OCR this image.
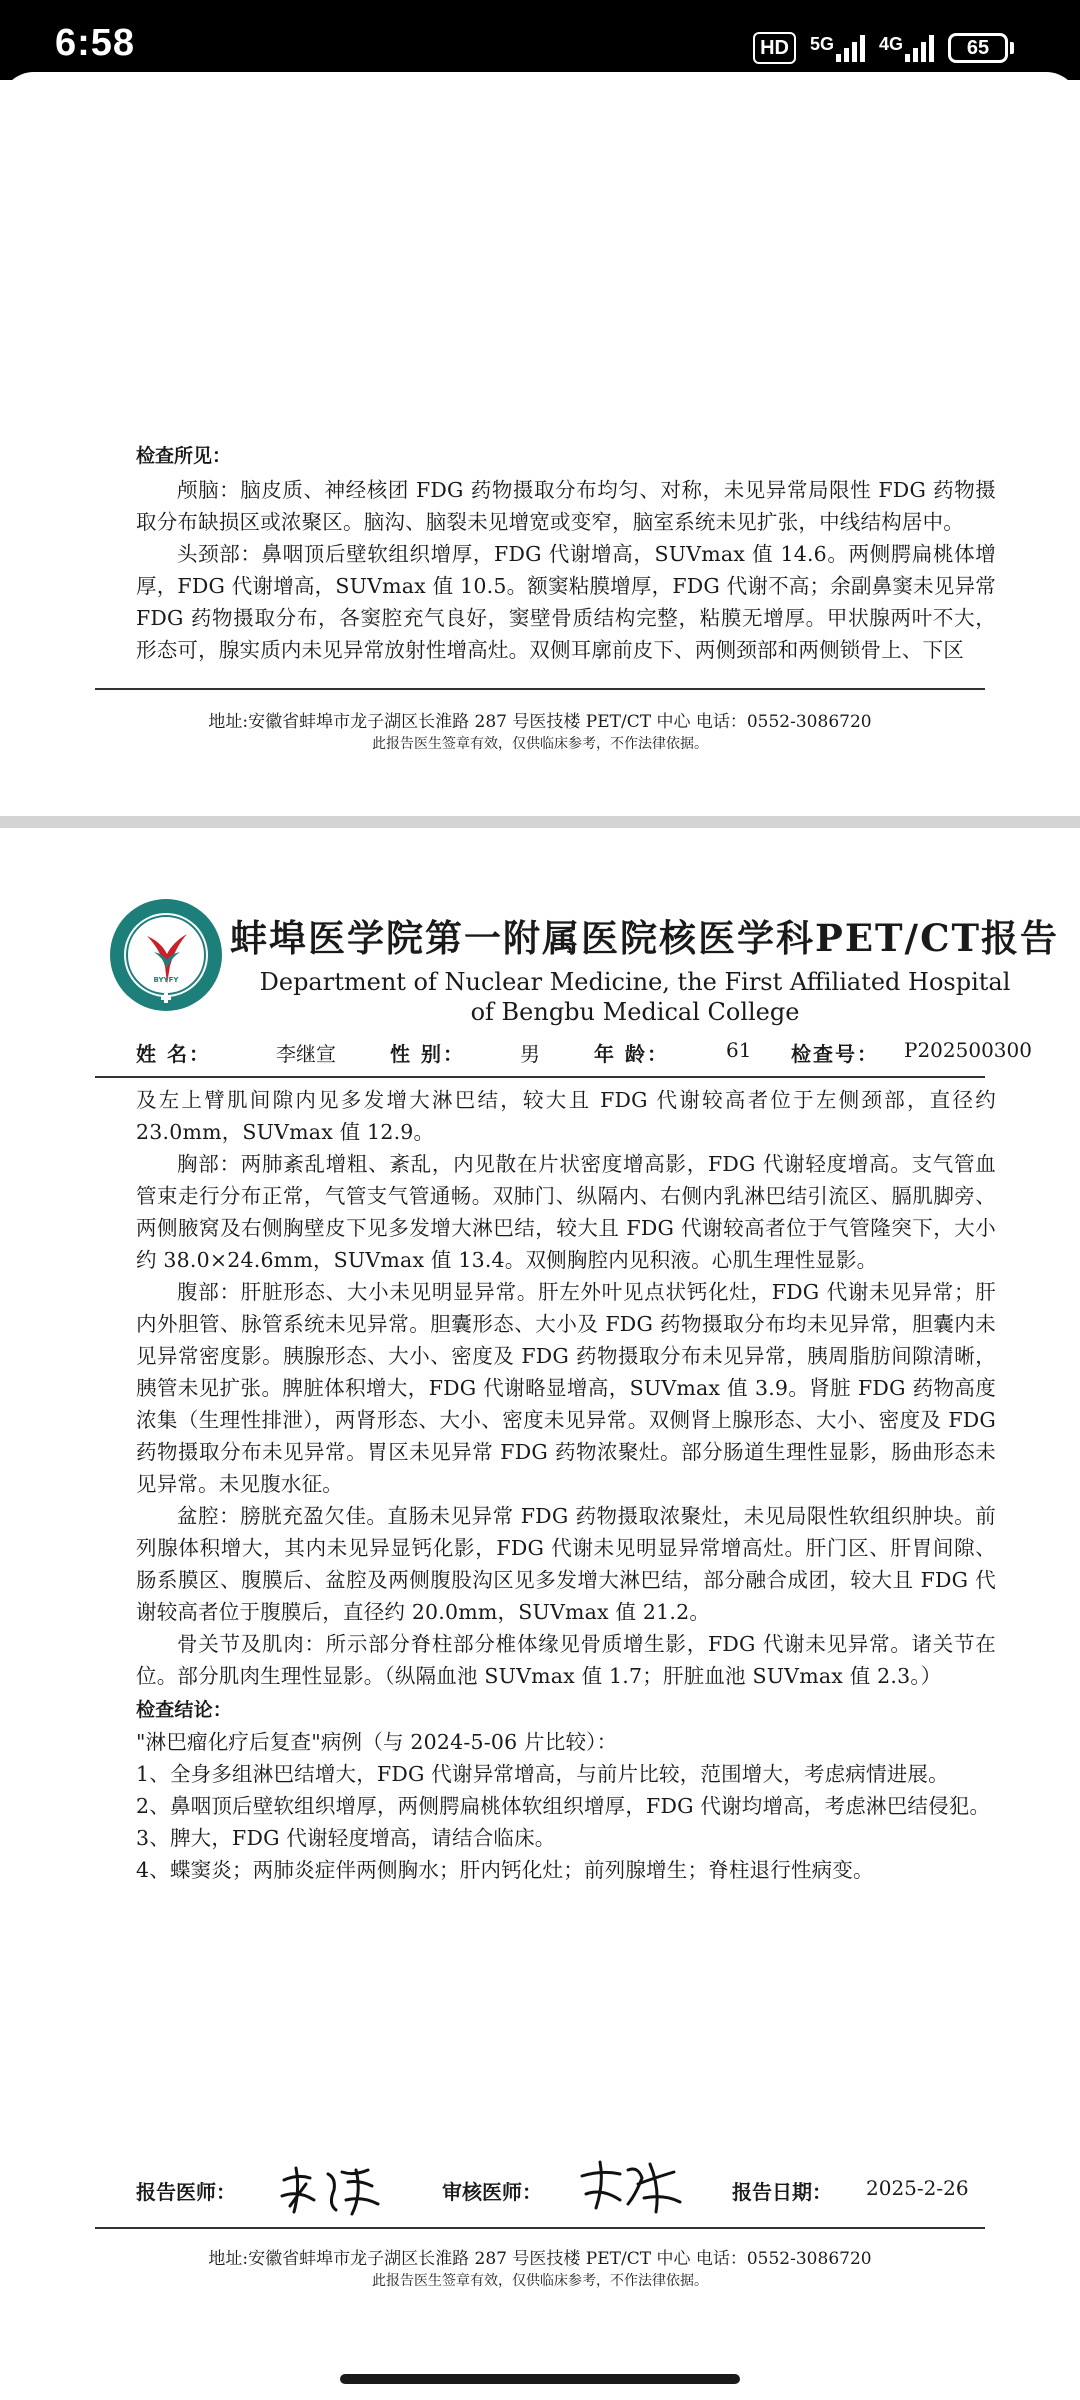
6:58	HD	5G	4G	65
检查所见：

颅脑：脑皮质、神经核团 FDG 药物摄取分布均匀、对称，未见异常局限性 FDG 药物摄取分布缺损区或浓聚区。脑沟、脑裂未见增宽或变窄，脑室系统未见扩张，中线结构居中。

头颈部：鼻咽顶后壁软组织增厚，FDG 代谢增高，SUVmax 值 14.6。两侧腭扁桃体增厚，FDG 代谢增高，SUVmax 值 10.5。额窦粘膜增厚，FDG 代谢不高；余副鼻窦未见异常 FDG 药物摄取分布，各窦腔充气良好，窦壁骨质结构完整，粘膜无增厚。甲状腺两叶不大，形态可，腺实质内未见异常放射性增高灶。双侧耳廓前皮下、两侧颈部和两侧锁骨上、下区

地址:安徽省蚌埠市龙子湖区长淮路 287 号医技楼 PET/CT 中心 电话：0552-3086720
此报告医生签章有效，仅供临床参考，不作法律依据。
BYYFY
蚌埠医学院第一附属医院核医学科PET/CT报告
Department of Nuclear Medicine, the First Affiliated Hospital of Bengbu Medical College
姓 名：	李继宣	性 别：	男	年 龄：	61 检查号： P202500300
及左上臂肌间隙内见多发增大淋巴结，较大且 FDG 代谢较高者位于左侧颈部，直径约23.0mm，SUVmax 值 12.9。

胸部：两肺紊乱增粗、紊乱，内见散在片状密度增高影，FDG 代谢轻度增高。支气管血管束走行分布正常，气管支气管通畅。双肺门、纵隔内、右侧内乳淋巴结引流区、膈肌脚旁、两侧腋窝及右侧胸壁皮下见多发增大淋巴结，较大且 FDG 代谢较高者位于气管隆突下，大小约 38.0×24.6mm，SUVmax 值 13.4。双侧胸腔内见积液。心肌生理性显影。

腹部：肝脏形态、大小未见明显异常。肝左外叶见点状钙化灶，FDG 代谢未见异常；肝内外胆管、脉管系统未见异常。胆囊形态、大小及 FDG 药物摄取分布均未见异常，胆囊内未见异常密度影。胰腺形态、大小、密度及 FDG 药物摄取分布未见异常，胰周脂肪间隙清晰，胰管未见扩张。脾脏体积增大，FDG 代谢略显增高，SUVmax 值 3.9。肾脏 FDG 药物高度浓集（生理性排泄），两肾形态、大小、密度未见异常。双侧肾上腺形态、大小、密度及 FDG 药物摄取分布未见异常。胃区未见异常 FDG 药物浓聚灶。部分肠道生理性显影，肠曲形态未见异常。未见腹水征。

盆腔：膀胱充盈欠佳。直肠未见异常 FDG 药物摄取浓聚灶，未见局限性软组织肿块。前列腺体积增大，其内未见异显钙化影，FDG 代谢未见明显异常增高灶。肝门区、肝胃间隙、肠系膜区、腹膜后、盆腔及两侧腹股沟区见多发增大淋巴结，部分融合成团，较大且 FDG 代谢较高者位于腹膜后，直径约 20.0mm，SUVmax 值 21.2。

骨关节及肌肉：所示部分脊柱部分椎体缘见骨质增生影，FDG 代谢未见异常。诸关节在位。部分肌肉生理性显影。（纵隔血池 SUVmax 值 1.7；肝脏血池 SUVmax 值 2.3。）

检查结论：
"淋巴瘤化疗后复查"病例（与 2024-5-06 片比较）：
1、全身多组淋巴结增大，FDG 代谢异常增高，与前片比较，范围增大，考虑病情进展。
2、鼻咽顶后壁软组织增厚，两侧腭扁桃体软组织增厚，FDG 代谢均增高，考虑淋巴结侵犯。
3、脾大，FDG 代谢轻度增高，请结合临床。
4、蝶窦炎；两肺炎症伴两侧胸水；肝内钙化灶；前列腺增生；脊柱退行性病变。
报告医师：	审核医师：	报告日期： 2025-2-26
地址:安徽省蚌埠市龙子湖区长淮路 287 号医技楼 PET/CT 中心 电话：0552-3086720
此报告医生签章有效，仅供临床参考，不作法律依据。
